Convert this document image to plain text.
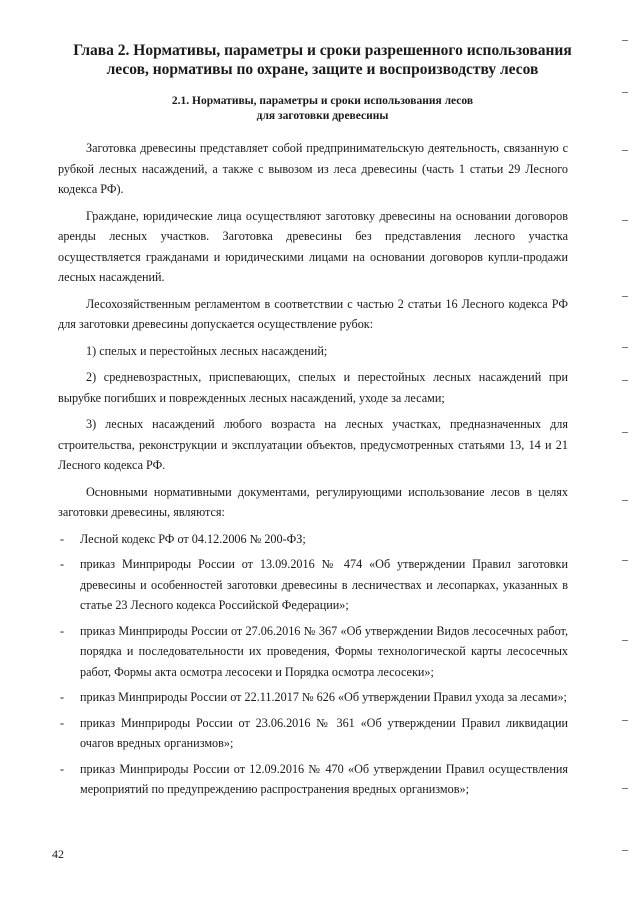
Глава 2. Нормативы, параметры и сроки разрешенного использования лесов, нормативы по охране, защите и воспроизводству лесов
2.1. Нормативы, параметры и сроки использования лесов
для заготовки древесины

Заготовка древесины представляет собой предпринимательскую деятельность, связанную с рубкой лесных насаждений, а также с вывозом из леса древесины (часть 1 статьи 29 Лесного кодекса РФ).

Граждане, юридические лица осуществляют заготовку древесины на основании договоров аренды лесных участков. Заготовка древесины без представления лесного участка осуществляется гражданами и юридическими лицами на основании договоров купли-продажи лесных насаждений.

Лесохозяйственным регламентом в соответствии с частью 2 статьи 16 Лесного кодекса РФ для заготовки древесины допускается осуществление рубок:

1) спелых и перестойных лесных насаждений;

2) средневозрастных, приспевающих, спелых и перестойных лесных насаждений при вырубке погибших и поврежденных лесных насаждений, уходе за лесами;

3) лесных насаждений любого возраста на лесных участках, предназначенных для строительства, реконструкции и эксплуатации объектов, предусмотренных статьями 13, 14 и 21 Лесного кодекса РФ.

Основными нормативными документами, регулирующими использование лесов в целях заготовки древесины, являются:

- Лесной кодекс РФ от 04.12.2006 № 200-ФЗ;
- приказ Минприроды России от 13.09.2016 № 474 «Об утверждении Правил заготовки древесины и особенностей заготовки древесины в лесничествах и лесопарках, указанных в статье 23 Лесного кодекса Российской Федерации»;
- приказ Минприроды России от 27.06.2016 № 367 «Об утверждении Видов лесосечных работ, порядка и последовательности их проведения, Формы технологической карты лесосечных работ, Формы акта осмотра лесосеки и Порядка осмотра лесосеки»;
- приказ Минприроды России от 22.11.2017 № 626 «Об утверждении Правил ухода за лесами»;
- приказ Минприроды России от 23.06.2016 № 361 «Об утверждении Правил ликвидации очагов вредных организмов»;
- приказ Минприроды России от 12.09.2016 № 470 «Об утверждении Правил осуществления мероприятий по предупреждению распространения вредных организмов»;
42
